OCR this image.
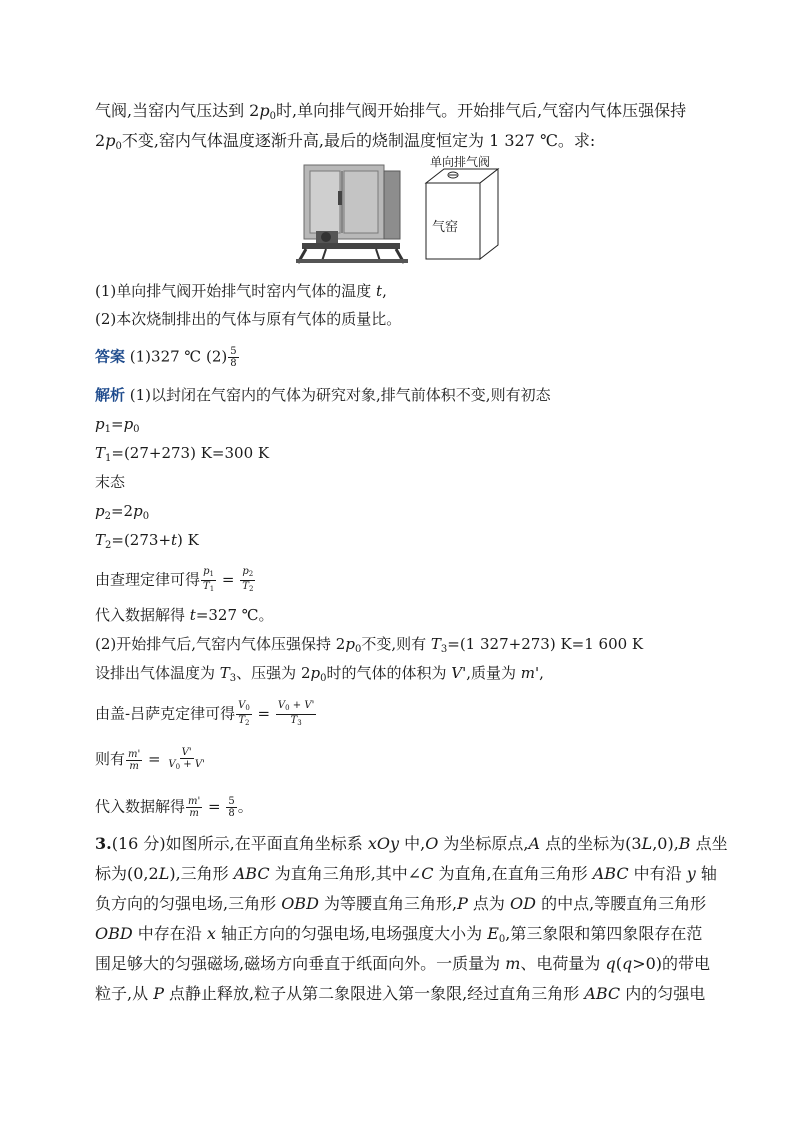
气阀,当窑内气压达到 $2p_0$时,单向排气阀开始排气。开始排气后,气窑内气体压强保持
$2p_0$不变,窑内气体温度逐渐升高,最后的烧制温度恒定为 1 327 ℃。求:
单向排气阀
气窑
(1)单向排气阀开始排气时窑内气体的温度 t,
(2)本次烧制排出的气体与原有气体的质量比。
答案 (1)327 ℃ $(2) \frac{5}{8}$
解析 (1)以封闭在气窑内的气体为研究对象,排气前体积不变,则有初态
$p_1=p_0$
$T_1=(27+273)$ K=300 K
末态
$p_2=2p_0$
$T_2=(273+t)$ K
由查理定律可得 $\frac{p_1}{T_1} = \frac{p_2}{T_2}$
代入数据解得 t=327 ℃。
(2)开始排气后,气窑内气体压强保持 $2p_0$不变,则有 $T_3=(1$ 327+273) K=1 600 K
设排出气体温度为 $T_3$、压强为 $2p_0$时的气体的体积为 V',质量为 m',
由盖-吕萨克定律可得 $\frac{V_0}{T_2} = \frac{V_0 + V'}{T_3}$
则有 $\frac{m'}{m} = \frac{V'}{V_0 + V'}$
代入数据解得 $\frac{m'}{m} = \frac{5}{8}$ 。
3.(16 分)如图所示,在平面直角坐标系 xOy 中,O 为坐标原点,A 点的坐标为(3L,0),B 点坐
标为(0,2L),三角形 ABC 为直角三角形,其中∠C 为直角,在直角三角形 ABC 中有沿 y 轴
负方向的匀强电场,三角形 OBD 为等腰直角三角形,P 点为 OD 的中点,等腰直角三角形
OBD 中存在沿 x 轴正方向的匀强电场,电场强度大小为 $E_0$,第三象限和第四象限存在范
围足够大的匀强磁场,磁场方向垂直于纸面向外。一质量为 m、电荷量为 q(q>0)的带电
粒子,从 P 点静止释放,粒子从第二象限进入第一象限,经过直角三角形 ABC 内的匀强电
